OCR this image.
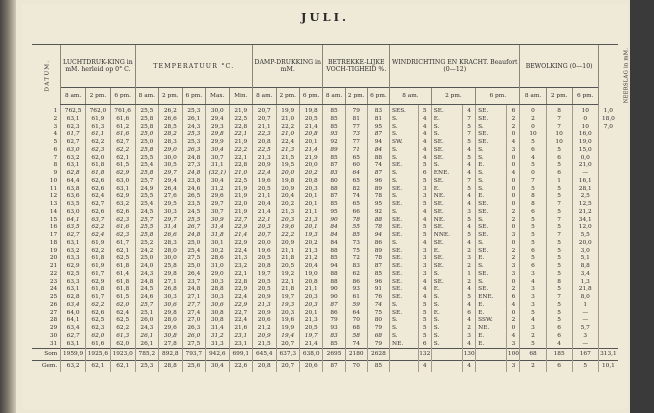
JULI.
DATUM.	LUCHTDRUK-KING in mM. herleid op 0° C.			TEMPERATUUR °C.					DAMP-DRUKKING in mM.			BETREKKE-LIJKE VOCH-TIGHEID %.			WINDRICHTING EN KRACHT. Beaufort (0—12)						BEWOLKING (0—10)			NEERSLAG in mM.
	8 am.	2 pm.	6 pm.	8 am.	2 pm.	6 pm.	Max.	Min.	8 am.	2 pm.	6 pm.	8 am.	2 pm.	6 pm.	8 am.		2 pm.		6 pm.		8 am.	2 pm.	6 pm.	
1	762,5	762,0	761,6	25,5	26,2	25,3	30,0	21,9	20,7	19,9	19,8	85	79	83	SES.	5	SE.	4	SE.	6	0	8	10	1,0
2	63,1	61,9	61,6	25,8	26,6	26,1	29,4	22,5	20,7	21,0	20,5	85	81	81	S.	4	E.	7	SE.	2	2	7	0	18,0
3	62,3	61,3	61,2	25,8	28,5	24,3	29,3	22,8	21,1	22,2	21,4	85	77	95	S.	4	S.	5	S.	2	0	7	10	7,0
4	61,7	61,1	61,6	25,0	28,2	25,3	29,8	22,1	22,3	21,0	20,8	93	73	87	S.	4	S.	7	SE.	0	10	10	16,0	
5	62,7	62,2	62,7	25,0	28,3	25,3	29,9	21,9	20,8	22,4	20,1	92	77	94	SW.	4	SE.	5	SE.	4	5	10	19,0	
6	63,0	62,3	62,2	25,8	29,0	26,3	30,4	22,2	22,5	21,3	21,4	89	71	84	S.	4	SE.	4	S.	3	6	5	15,0	
7	63,2	62,0	62,1	25,5	30,0	24,8	30,7	22,1	21,3	21,5	21,9	85	65	88	S.	4	SE.	5	S.	0	4	6	0,0	
8	63,1	61,8	61,5	25,4	30,5	27,3	31,1	22,8	20,9	19,5	20,0	87	60	74	SE.	5	S.	4	E.	0	5	5	21,0	
9	62,8	61,8	62,9	25,8	29,7	24,8	(32,1)	21,0	22,4	20,0	20,2	83	64	87	S.	6	ENE.	4	S.	4	0	6	—	
10	64,4	62,6	63,0	25,7	29,4	23,8	30,4	22,5	19,6	19,8	20,8	80	65	96	S.	5	SE.	7	S.	0	7	1	16,1	
11	63,8	62,6	63,1	24,9	26,4	24,6	31,2	21,9	20,5	20,9	20,3	88	82	89	SE.	3	E.	5	S.	0	5	5	28,1	
12	63,6	62,4	62,9	25,5	27,6	26,5	29,6	21,9	21,1	20,4	20,1	87	74	78	S.	3	NE.	4	E.	0	8	5	2,5	
13	63,5	62,7	63,2	25,4	29,5	23,5	29,7	22,0	20,4	20,2	20,1	85	65	95	SE.	5	SE.	4	SE.	0	8	7	12,5	
14	63,0	62,6	62,6	24,5	30,3	24,5	30,7	21,9	21,4	21,3	21,1	95	66	92	S.	4	SE.	3	SE.	2	6	5	21,2	
15	64,1	63,7	62,3	25,7	29,7	25,5	30,9	22,7	22,1	20,3	21,3	90	78	88	SE.	4	NE.	5	S.	2	5	7	34,1	
16	63,5	62,2	61,6	25,5	31,4	26,7	31,4	22,9	20,3	19,6	20,1	84	55	78	SE.	5	SE.	4	SE.	0	5	5	12,0	
17	62,7	62,4	62,3	25,8	26,6	24,8	31,8	21,4	20,7	22,2	19,3	84	85	94	SE.	5	NNE.	5	SE.	3	5	7	5,5	
18	63,1	61,9	61,7	25,2	28,3	25,0	30,1	22,9	20,0	20,9	20,2	84	73	86	S.	4	SE.	4	S.	0	5	5	20,0	
19	63,2	62,2	62,1	24,2	28,0	25,4	30,2	22,4	19,6	21,1	21,3	88	75	89	SE.	3	E.	2	SE.	2	6	5	3,0	
20	63,3	61,8	62,5	25,0	30,0	27,5	28,6	21,3	20,5	21,8	21,2	85	72	78	SE.	3	SE.	3	E.	2	5	5	5,1	
21	62,9	61,9	61,8	24,0	25,8	25,0	31,0	23,2	20,8	20,5	20,4	94	83	87	SE.	3	SE.	2	S.	3	6	5	8,8	
22	62,5	61,7	61,4	24,3	29,8	26,4	29,0	22,1	19,7	19,2	19,0	88	62	85	SE.	3	S.	1	SE.	3	3	5	3,4	
23	63,3	62,9	61,8	24,8	27,1	23,7	30,3	22,8	20,5	22,1	20,8	88	86	96	SE.	4	SE.	2	S.	0	4	8	1,3	
24	63,1	61,8	61,8	24,5	26,8	24,8	28,8	22,9	20,5	21,8	21,1	90	93	91	SE.	4	E.	4	SE.	2	3	5	21,8	
25	62,8	61,7	61,5	24,6	30,3	27,1	30,3	22,4	20,9	19,7	20,3	90	61	76	SE.	4	S.	5	ENE.	6	3	7	8,0	
26	63,4	62,2	62,0	25,7	30,6	27,7	30,6	22,9	21,3	19,3	20,3	87	59	74	S.	5	S.	4	E.	4	3	5	1	
27	64,0	62,6	62,4	25,1	29,8	27,4	30,8	22,7	20,9	20,3	20,1	86	64	75	SE.	5	E.	6	E.	0	5	5	—	
28	64,1	62,5	62,5	26,0	28,0	27,0	30,8	22,4	20,6	19,6	21,3	79	70	80	S.	5	S.	4	SSW.	2	4	5	—	
29	63,4	62,3	62,2	24,3	29,6	26,3	31,4	21,6	21,2	19,9	20,5	93	68	79	S.	5	S.	2	NE.	0	3	6	5,7	
30	62,7	62,0	61,3	26,1	30,8	26,0	31,2	23,1	20,9	19,4	19,7	83	58	68	S.	5	S.	3	E.	4	2	6	3	
31	63,1	61,6	62,0	26,1	27,8	27,5	31,3	23,1	21,5	20,7	21,4	85	74	79	NE.	6	S.	4	E.	3	5	4	—	
Som	1959,9	1925,6	1923,0	785,2	892,8	793,7	942,6	699,1	645,4	637,3	638,0	2695	2180	2628		132		130		100	68	185	167	313,1
Gem.	63,2	62,1	62,1	25,3	28,8	25,6	30,4	22,6	20,8	20,7	20,6	87	70	85		4		4		3	2	6	5	10,1
